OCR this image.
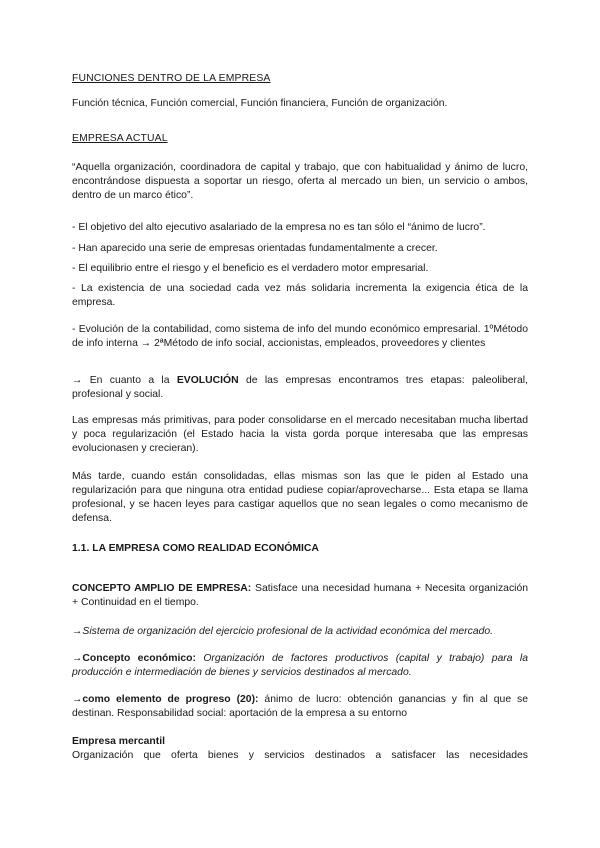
FUNCIONES DENTRO DE LA EMPRESA

Función técnica, Función comercial, Función financiera, Función de organización.

EMPRESA ACTUAL

“Aquella organización, coordinadora de capital y trabajo, que con habitualidad y ánimo de lucro, encontrándose dispuesta a soportar un riesgo, oferta al mercado un bien, un servicio o ambos, dentro de un marco ético”.

- El objetivo del alto ejecutivo asalariado de la empresa no es tan sólo el “ánimo de lucro”.

- Han aparecido una serie de empresas orientadas fundamentalmente a crecer.

- El equilibrio entre el riesgo y el beneficio es el verdadero motor empresarial.

- La existencia de una sociedad cada vez más solidaria incrementa la exigencia ética de la empresa.

- Evolución de la contabilidad, como sistema de info del mundo económico empresarial. 1ºMétodo de info interna → 2ªMétodo de info social, accionistas, empleados, proveedores y clientes

→ En cuanto a la EVOLUCIÓN de las empresas encontramos tres etapas: paleoliberal, profesional y social.

Las empresas más primitivas, para poder consolidarse en el mercado necesitaban mucha libertad y poca regularización (el Estado hacia la vista gorda porque interesaba que las empresas evolucionasen y crecieran).

Más tarde, cuando están consolidadas, ellas mismas son las que le piden al Estado una regularización para que ninguna otra entidad pudiese copiar/aprovecharse... Esta etapa se llama profesional, y se hacen leyes para castigar aquellos que no sean legales o como mecanismo de defensa.

1.1. LA EMPRESA COMO REALIDAD ECONÓMICA

CONCEPTO AMPLIO DE EMPRESA: Satisface una necesidad humana + Necesita organización + Continuidad en el tiempo.

→Sistema de organización del ejercicio profesional de la actividad económica del mercado.

→Concepto económico: Organización de factores productivos (capital y trabajo) para la producción e intermediación de bienes y servicios destinados al mercado.

→como elemento de progreso (20): ánimo de lucro: obtención ganancias y fin al que se destinan. Responsabilidad social: aportación de la empresa a su entorno

Empresa mercantil

Organización que oferta bienes y servicios destinados a satisfacer las necesidades
